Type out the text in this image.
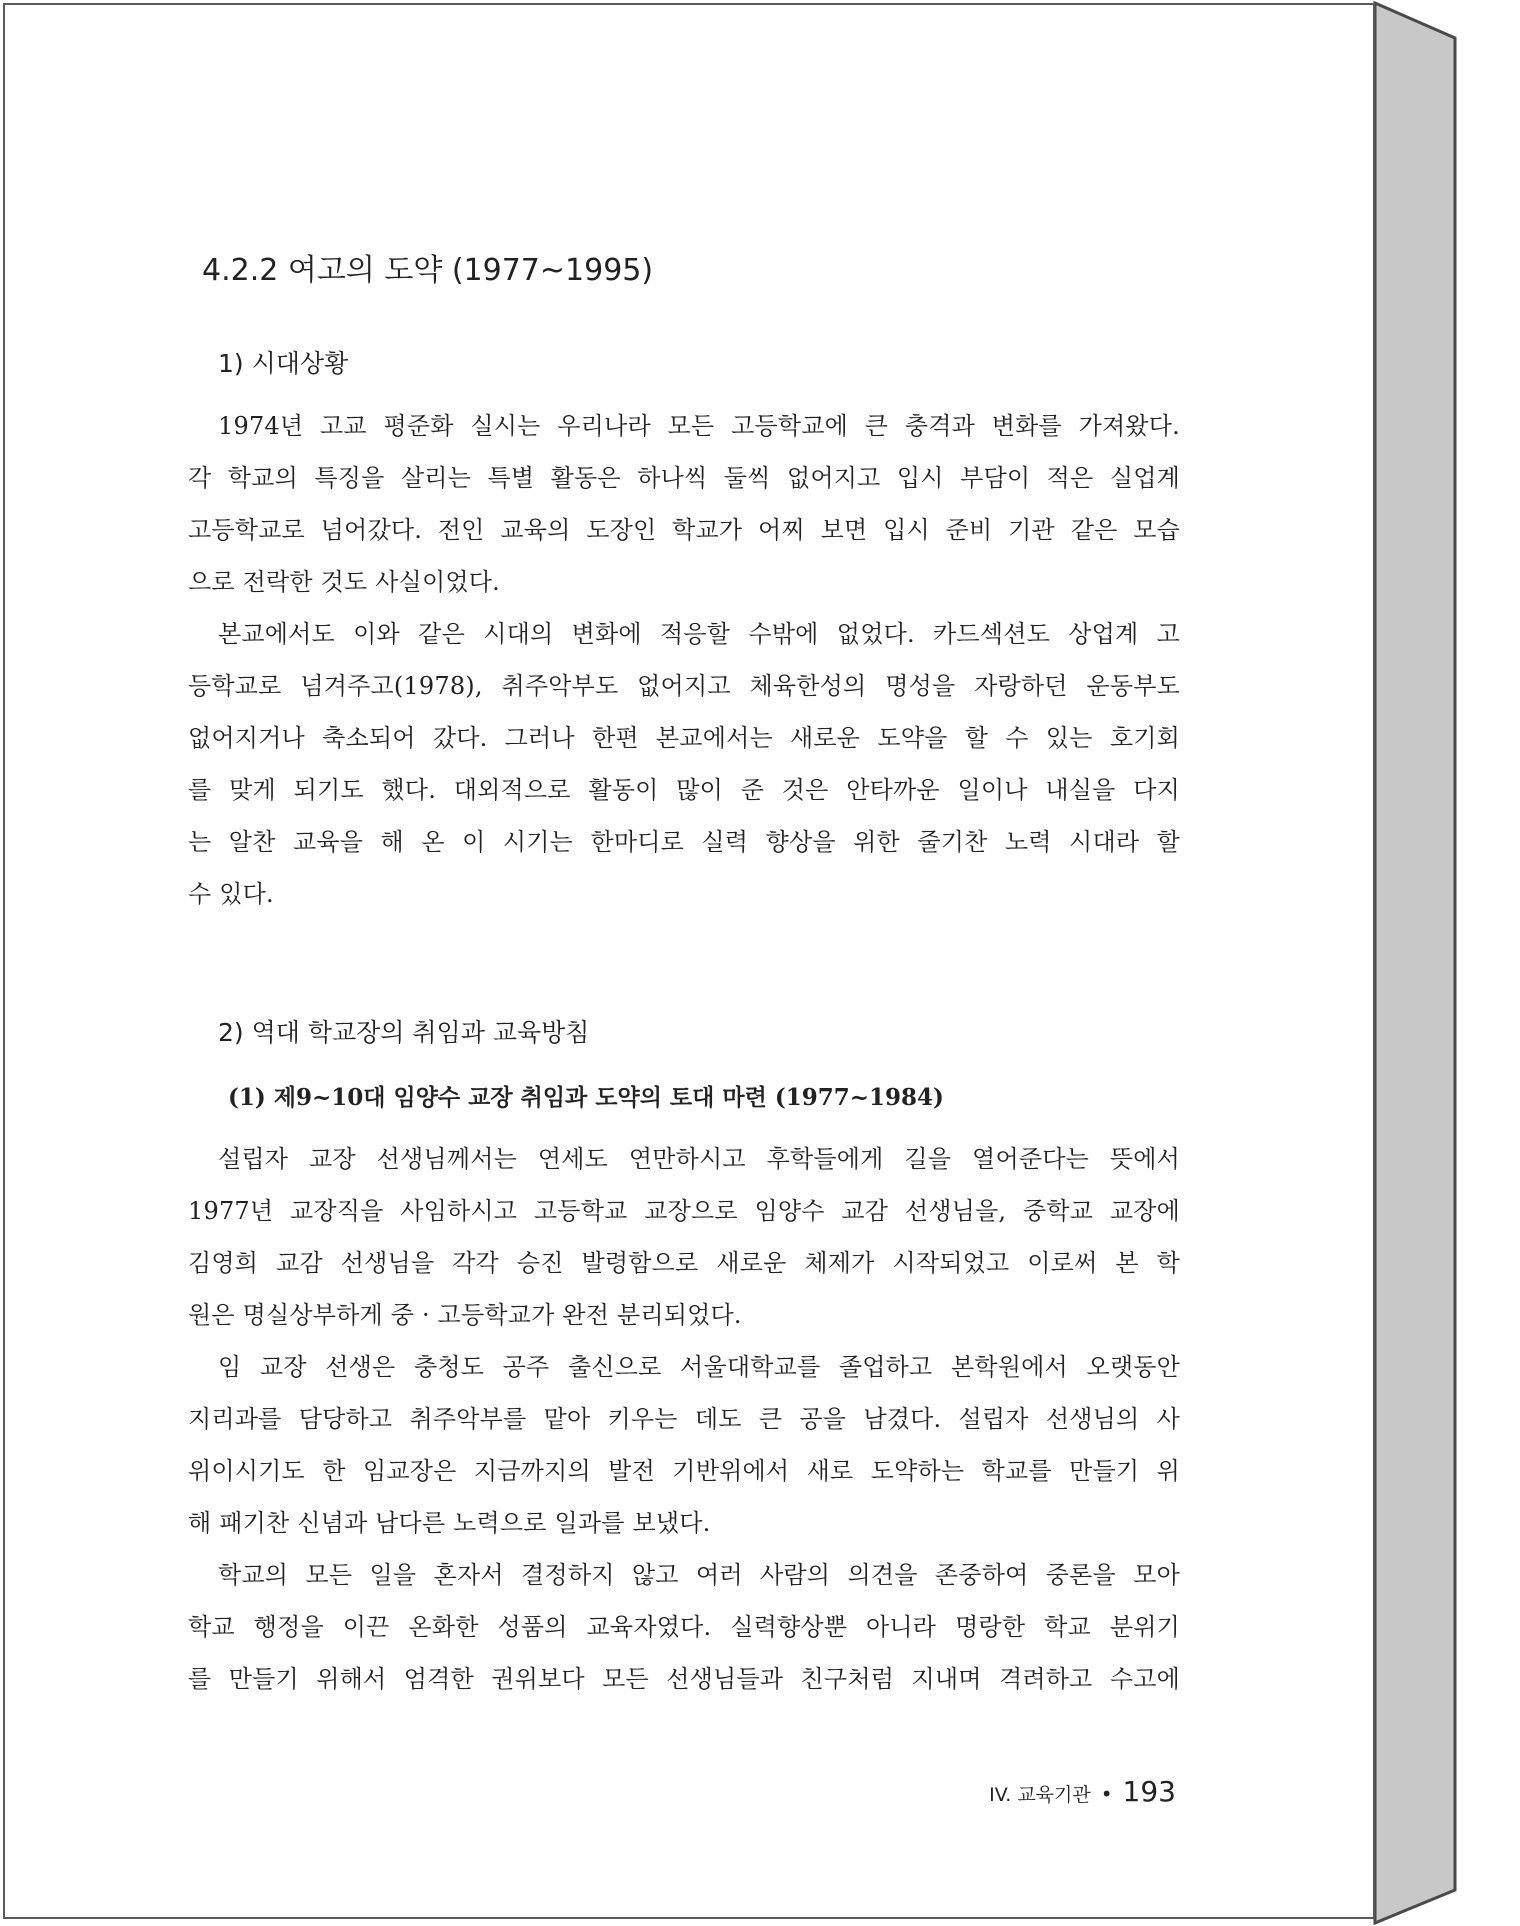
4.2.2 여고의 도약 (1977~1995)
1) 시대상황
1974년 고교 평준화 실시는 우리나라 모든 고등학교에 큰 충격과 변화를 가져왔다.
각 학교의 특징을 살리는 특별 활동은 하나씩 둘씩 없어지고 입시 부담이 적은 실업계
고등학교로 넘어갔다. 전인 교육의 도장인 학교가 어찌 보면 입시 준비 기관 같은 모습
으로 전락한 것도 사실이었다.
본교에서도 이와 같은 시대의 변화에 적응할 수밖에 없었다. 카드섹션도 상업계 고
등학교로 넘겨주고(1978), 취주악부도 없어지고 체육한성의 명성을 자랑하던 운동부도
없어지거나 축소되어 갔다. 그러나 한편 본교에서는 새로운 도약을 할 수 있는 호기회
를 맞게 되기도 했다. 대외적으로 활동이 많이 준 것은 안타까운 일이나 내실을 다지
는 알찬 교육을 해 온 이 시기는 한마디로 실력 향상을 위한 줄기찬 노력 시대라 할
수 있다.
2) 역대 학교장의 취임과 교육방침
(1) 제9~10대 임양수 교장 취임과 도약의 토대 마련 (1977~1984)
설립자 교장 선생님께서는 연세도 연만하시고 후학들에게 길을 열어준다는 뜻에서
1977년 교장직을 사임하시고 고등학교 교장으로 임양수 교감 선생님을, 중학교 교장에
김영희 교감 선생님을 각각 승진 발령함으로 새로운 체제가 시작되었고 이로써 본 학
원은 명실상부하게 중 · 고등학교가 완전 분리되었다.
임 교장 선생은 충청도 공주 출신으로 서울대학교를 졸업하고 본학원에서 오랫동안
지리과를 담당하고 취주악부를 맡아 키우는 데도 큰 공을 남겼다. 설립자 선생님의 사
위이시기도 한 임교장은 지금까지의 발전 기반위에서 새로 도약하는 학교를 만들기 위
해 패기찬 신념과 남다른 노력으로 일과를 보냈다.
학교의 모든 일을 혼자서 결정하지 않고 여러 사람의 의견을 존중하여 중론을 모아
학교 행정을 이끈 온화한 성품의 교육자였다. 실력향상뿐 아니라 명랑한 학교 분위기
를 만들기 위해서 엄격한 권위보다 모든 선생님들과 친구처럼 지내며 격려하고 수고에
IV. 교육기관 • 193
